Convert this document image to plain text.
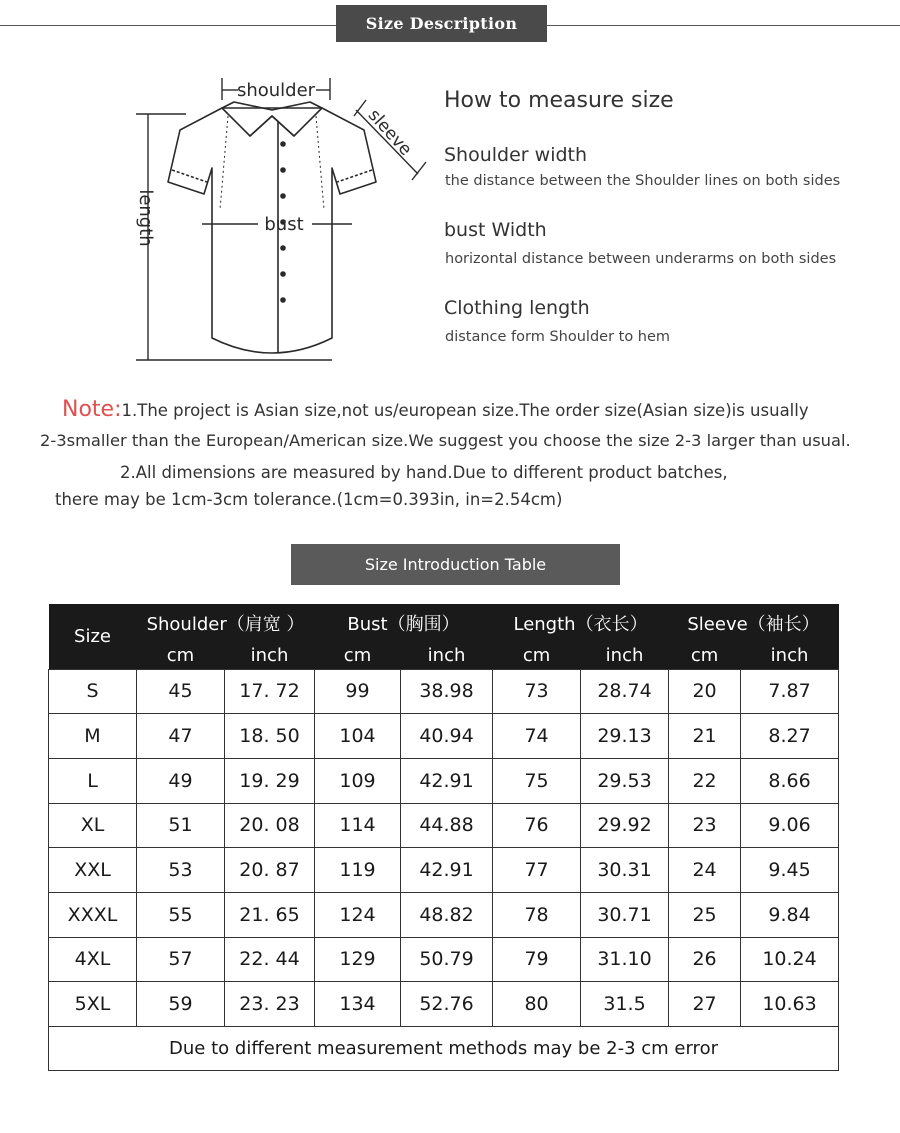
Size Description
shoulder
bust
length
sleeve
How to measure size
Shoulder width
the distance between the Shoulder lines on both sides
bust Width
horizontal distance between underarms on both sides
Clothing length
distance form Shoulder to hem
Note:1.The project is Asian size,not us/european size.The order size(Asian size)is usually
2-3smaller than the European/American size.We suggest you choose the size 2-3 larger than usual.
2.All dimensions are measured by hand.Due to different product batches,
there may be 1cm-3cm tolerance.(1cm=0.393in, in=2.54cm)
Size Introduction Table
Size	Shoulder（肩宽 ）		Bust（胸围）		Length（衣长）		Sleeve（袖长）	
	cm	inch	cm	inch	cm	inch	cm	inch
S	45	17. 72	99	38.98	73	28.74	20	7.87
M	47	18. 50	104	40.94	74	29.13	21	8.27
L	49	19. 29	109	42.91	75	29.53	22	8.66
XL	51	20. 08	114	44.88	76	29.92	23	9.06
XXL	53	20. 87	119	42.91	77	30.31	24	9.45
XXXL	55	21. 65	124	48.82	78	30.71	25	9.84
4XL	57	22. 44	129	50.79	79	31.10	26	10.24
5XL	59	23. 23	134	52.76	80	31.5	27	10.63
Due to different measurement methods may be 2-3 cm error								
